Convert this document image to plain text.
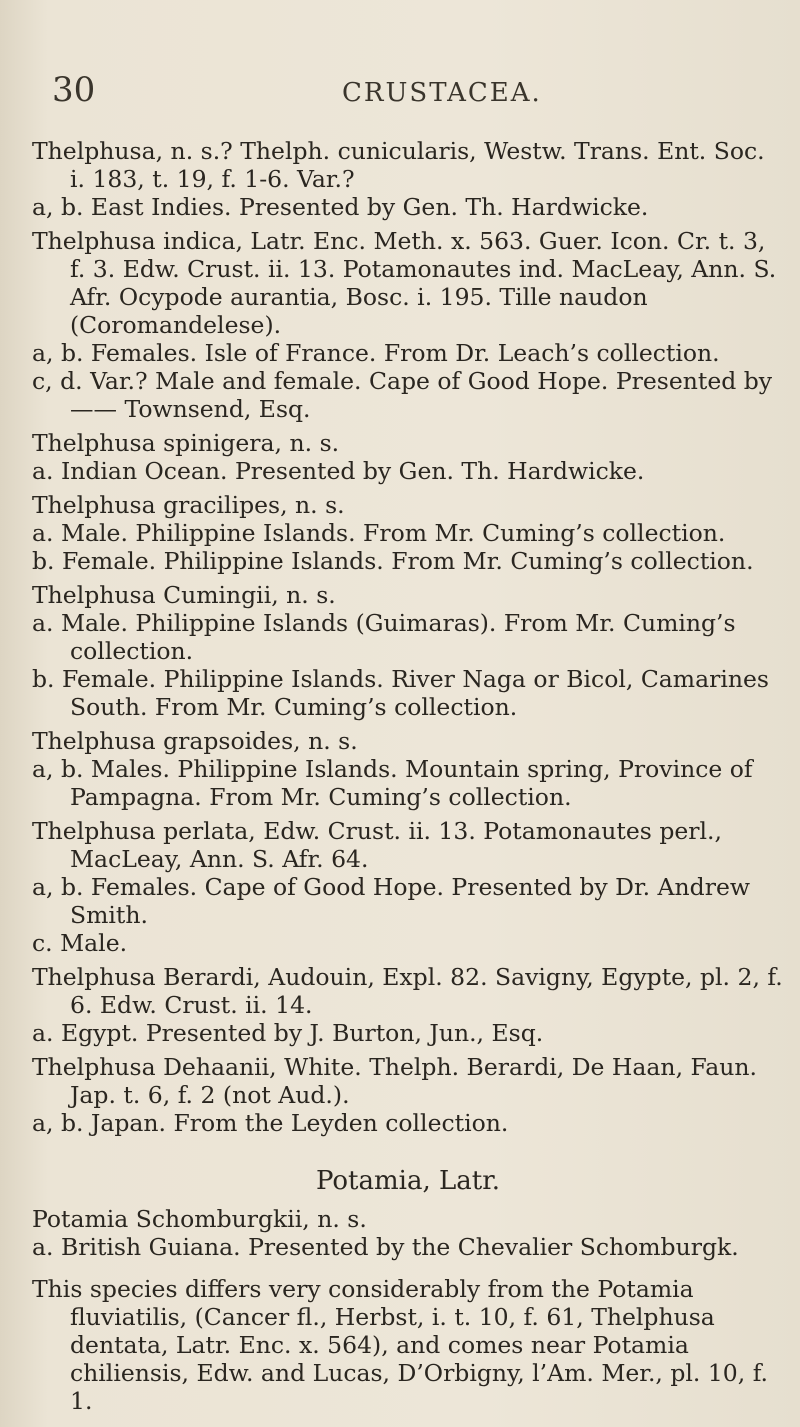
30	CRUSTACEA.

Thelphusa, n. s.? Thelph. cunicularis, Westw. Trans. Ent. Soc. i. 183, t. 19, f. 1-6. Var.?

a, b. East Indies. Presented by Gen. Th. Hardwicke.

Thelphusa indica, Latr. Enc. Meth. x. 563. Guer. Icon. Cr. t. 3, f. 3. Edw. Crust. ii. 13. Potamonautes ind. MacLeay, Ann. S. Afr. Ocypode aurantia, Bosc. i. 195. Tille naudon (Coromandelese).

a, b. Females. Isle of France. From Dr. Leach’s collection.

c, d. Var.? Male and female. Cape of Good Hope. Presented by —— Townsend, Esq.

Thelphusa spinigera, n. s.

a. Indian Ocean. Presented by Gen. Th. Hardwicke.

Thelphusa gracilipes, n. s.

a. Male. Philippine Islands. From Mr. Cuming’s collection.

b. Female. Philippine Islands. From Mr. Cuming’s collection.

Thelphusa Cumingii, n. s.

a. Male. Philippine Islands (Guimaras). From Mr. Cuming’s collection.

b. Female. Philippine Islands. River Naga or Bicol, Camarines South. From Mr. Cuming’s collection.

Thelphusa grapsoides, n. s.

a, b. Males. Philippine Islands. Mountain spring, Province of Pampagna. From Mr. Cuming’s collection.

Thelphusa perlata, Edw. Crust. ii. 13. Potamonautes perl., MacLeay, Ann. S. Afr. 64.

a, b. Females. Cape of Good Hope. Presented by Dr. Andrew Smith.

c. Male.

Thelphusa Berardi, Audouin, Expl. 82. Savigny, Egypte, pl. 2, f. 6. Edw. Crust. ii. 14.

a. Egypt. Presented by J. Burton, Jun., Esq.

Thelphusa Dehaanii, White. Thelph. Berardi, De Haan, Faun. Jap. t. 6, f. 2 (not Aud.).

a, b. Japan. From the Leyden collection.

Potamia, Latr.

Potamia Schomburgkii, n. s.

a. British Guiana. Presented by the Chevalier Schomburgk.

This species differs very considerably from the Potamia fluviatilis, (Cancer fl., Herbst, i. t. 10, f. 61, Thelphusa dentata, Latr. Enc. x. 564), and comes near Potamia chiliensis, Edw. and Lucas, D’Orbigny, l’Am. Mer., pl. 10, f. 1.
